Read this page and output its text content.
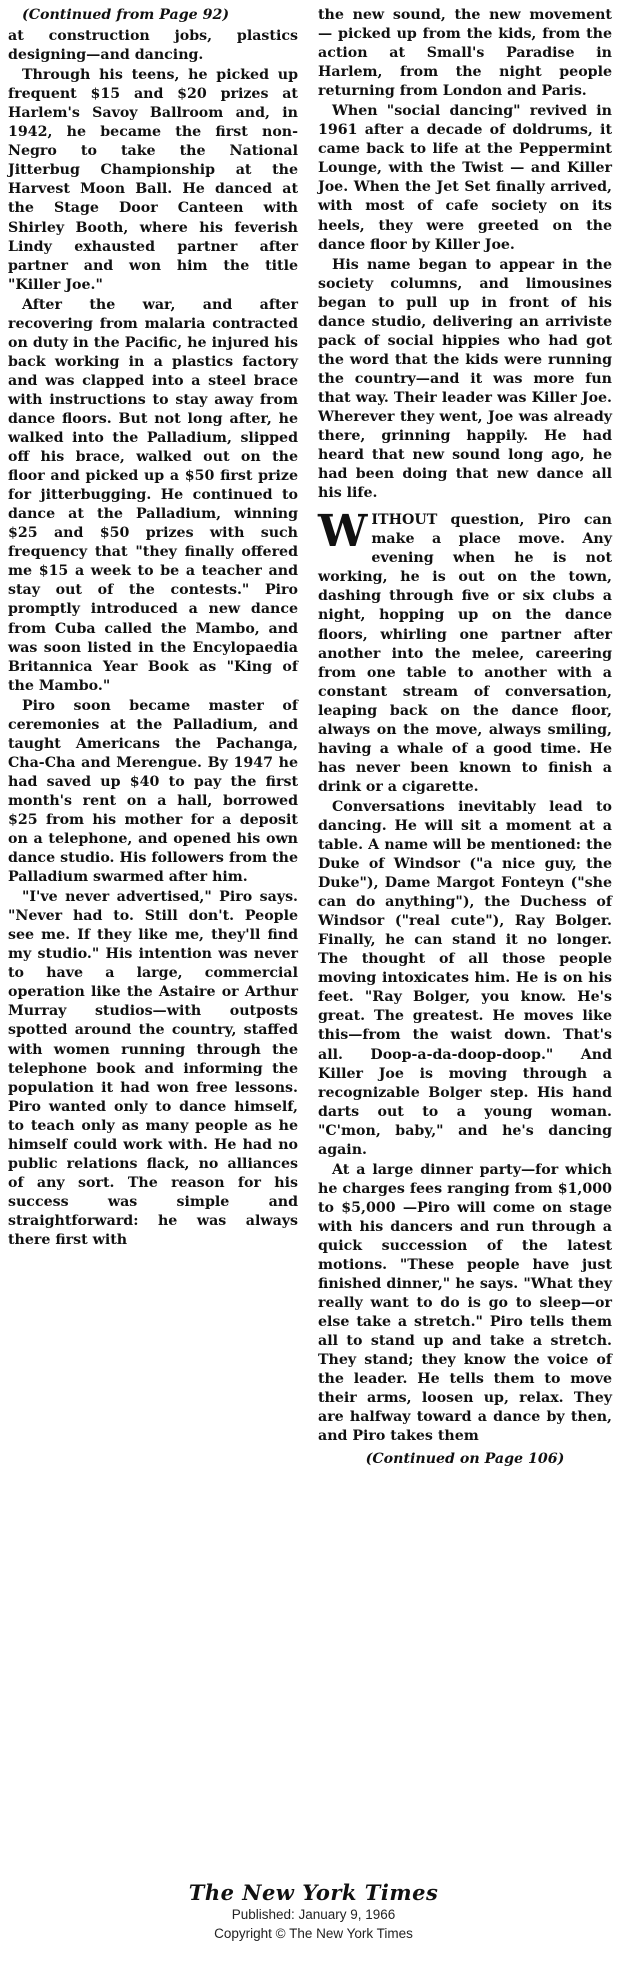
(Continued from Page 92)

at construction jobs, plastics designing—and dancing.

Through his teens, he picked up frequent $15 and $20 prizes at Harlem's Savoy Ballroom and, in 1942, he became the first non-Negro to take the National Jitterbug Championship at the Harvest Moon Ball. He danced at the Stage Door Canteen with Shirley Booth, where his feverish Lindy exhausted partner after partner and won him the title "Killer Joe."

After the war, and after recovering from malaria contracted on duty in the Pacific, he injured his back working in a plastics factory and was clapped into a steel brace with instructions to stay away from dance floors. But not long after, he walked into the Palladium, slipped off his brace, walked out on the floor and picked up a $50 first prize for jitterbugging. He continued to dance at the Palladium, winning $25 and $50 prizes with such frequency that "they finally offered me $15 a week to be a teacher and stay out of the contests." Piro promptly introduced a new dance from Cuba called the Mambo, and was soon listed in the Encylopaedia Britannica Year Book as "King of the Mambo."

Piro soon became master of ceremonies at the Palladium, and taught Americans the Pachanga, Cha-Cha and Merengue. By 1947 he had saved up $40 to pay the first month's rent on a hall, borrowed $25 from his mother for a deposit on a telephone, and opened his own dance studio. His followers from the Palladium swarmed after him.

"I've never advertised," Piro says. "Never had to. Still don't. People see me. If they like me, they'll find my studio." His intention was never to have a large, commercial operation like the Astaire or Arthur Murray studios—with outposts spotted around the country, staffed with women running through the telephone book and informing the population it had won free lessons. Piro wanted only to dance himself, to teach only as many people as he himself could work with. He had no public relations flack, no alliances of any sort. The reason for his success was simple and straightforward: he was always there first with

the new sound, the new movement — picked up from the kids, from the action at Small's Paradise in Harlem, from the night people returning from London and Paris.

When "social dancing" revived in 1961 after a decade of doldrums, it came back to life at the Peppermint Lounge, with the Twist — and Killer Joe. When the Jet Set finally arrived, with most of cafe society on its heels, they were greeted on the dance floor by Killer Joe.

His name began to appear in the society columns, and limousines began to pull up in front of his dance studio, delivering an arriviste pack of social hippies who had got the word that the kids were running the country—and it was more fun that way. Their leader was Killer Joe. Wherever they went, Joe was already there, grinning happily. He had heard that new sound long ago, he had been doing that new dance all his life.

WITHOUT question, Piro can make a place move. Any evening when he is not working, he is out on the town, dashing through five or six clubs a night, hopping up on the dance floors, whirling one partner after another into the melee, careering from one table to another with a constant stream of conversation, leaping back on the dance floor, always on the move, always smiling, having a whale of a good time. He has never been known to finish a drink or a cigarette.

Conversations inevitably lead to dancing. He will sit a moment at a table. A name will be mentioned: the Duke of Windsor ("a nice guy, the Duke"), Dame Margot Fonteyn ("she can do anything"), the Duchess of Windsor ("real cute"), Ray Bolger. Finally, he can stand it no longer. The thought of all those people moving intoxicates him. He is on his feet. "Ray Bolger, you know. He's great. The greatest. He moves like this—from the waist down. That's all. Doop-a-da-doop-doop." And Killer Joe is moving through a recognizable Bolger step. His hand darts out to a young woman. "C'mon, baby," and he's dancing again.

At a large dinner party—for which he charges fees ranging from $1,000 to $5,000 —Piro will come on stage with his dancers and run through a quick succession of the latest motions. "These people have just finished dinner," he says. "What they really want to do is go to sleep—or else take a stretch." Piro tells them all to stand up and take a stretch. They stand; they know the voice of the leader. He tells them to move their arms, loosen up, relax. They are halfway toward a dance by then, and Piro takes them

(Continued on Page 106)

The New York Times
Published: January 9, 1966
Copyright © The New York Times
